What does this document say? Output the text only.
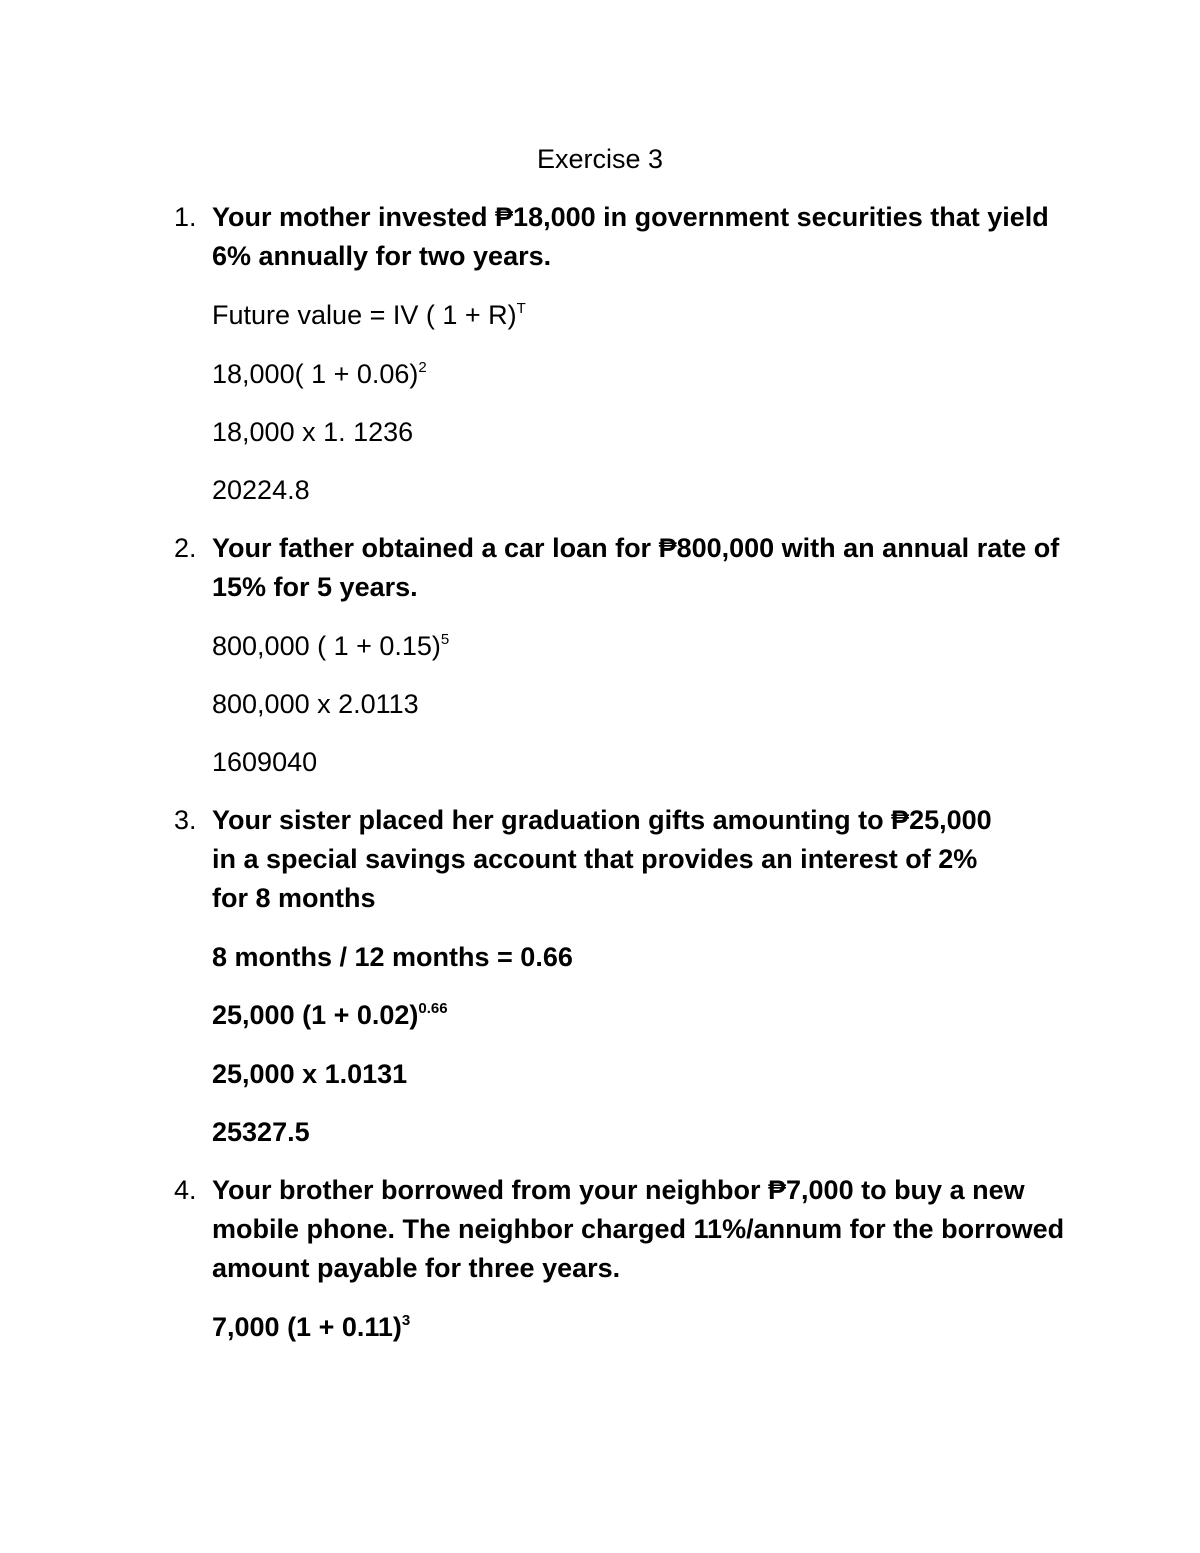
Exercise 3
1. Your mother invested ₱18,000 in government securities that yield 6% annually for two years.
Future value = IV ( 1 + R)$^T$
18,000( 1 + 0.06)$^2$
18,000 x 1. 1236
20224.8
2. Your father obtained a car loan for ₱800,000 with an annual rate of 15% for 5 years.
800,000 ( 1 + 0.15)$^5$
800,000 x 2.0113
1609040
3. Your sister placed her graduation gifts amounting to ₱25,000 in a special savings account that provides an interest of 2% for 8 months
8 months / 12 months = 0.66
25,000 $(1 + 0.02)^{0.66}$
25,000 x 1.0131
25327.5
4. Your brother borrowed from your neighbor ₱7,000 to buy a new mobile phone. The neighbor charged 11%/annum for the borrowed amount payable for three years.
7,000 $(1 + 0.11)^3$
